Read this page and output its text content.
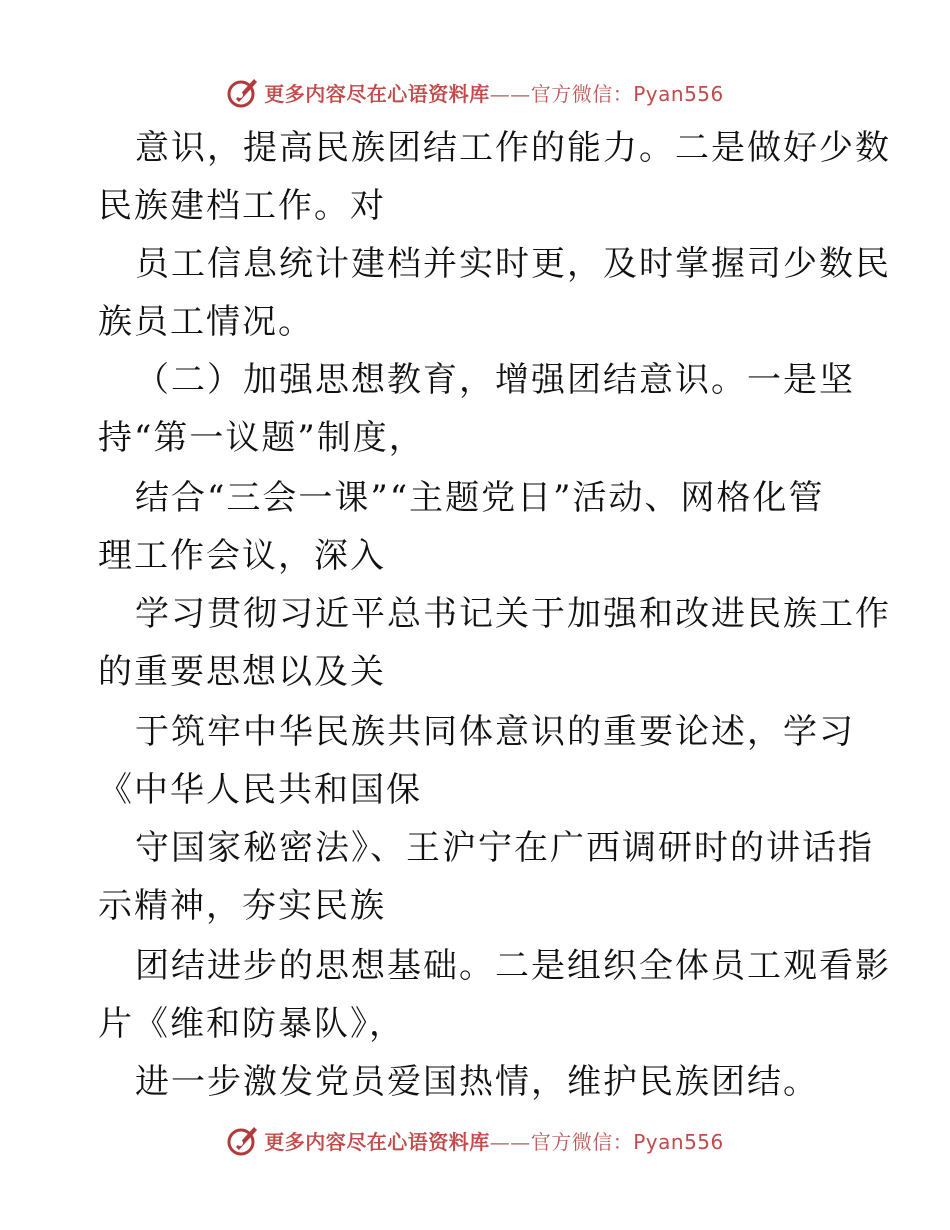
更多内容尽在心语资料库——官方微信：Pyan556
意识，提高民族团结工作的能力。二是做好少数
民族建档工作。对
员工信息统计建档并实时更，及时掌握司少数民
族员工情况。
（二）加强思想教育，增强团结意识。一是坚
持“第一议题”制度，
结合“三会一课”“主题党日”活动、网格化管
理工作会议，深入
学习贯彻习近平总书记关于加强和改进民族工作
的重要思想以及关
于筑牢中华民族共同体意识的重要论述，学习
《中华人民共和国保
守国家秘密法》、王沪宁在广西调研时的讲话指
示精神，夯实民族
团结进步的思想基础。二是组织全体员工观看影
片《维和防暴队》，
进一步激发党员爱国热情，维护民族团结。
更多内容尽在心语资料库——官方微信：Pyan556
